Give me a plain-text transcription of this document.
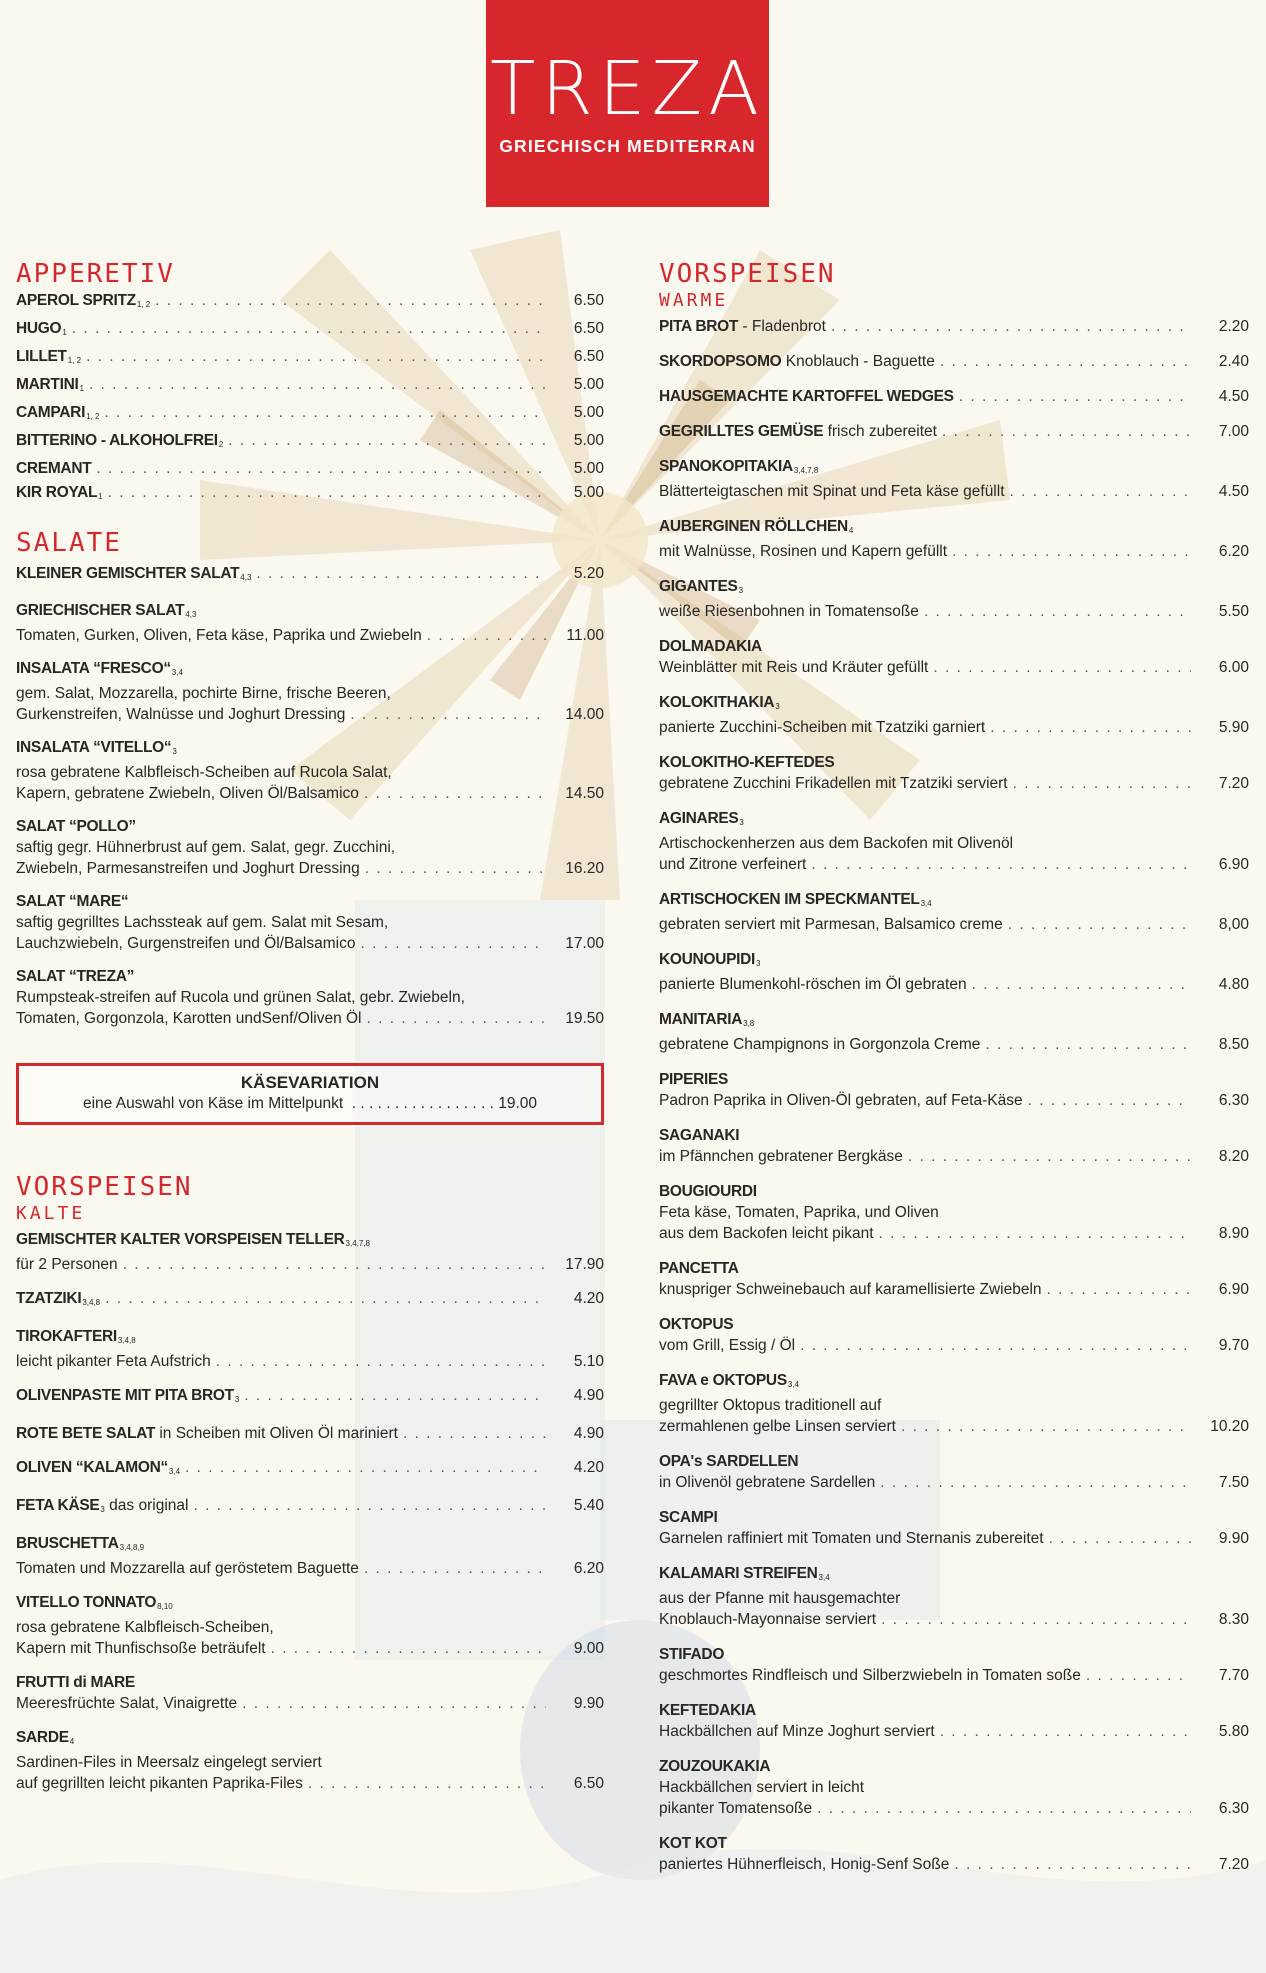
TREZA
GRIECHISCH MEDITERRAN
APPERETIV
APEROL $SPRITZ_{1, 2}$ . . .	6.50
$HUGO_1$ . . .	6.50
$LILLET_{1, 2}$ . . .	6.50
$MARTINI_1$ . . .	5.00
$CAMPARI_{1, 2}$ . . .	5.00
BITTERINO - $ALKOHOLFREI_2$ . . .	5.00
CREMANT . . .	5.00
KIR $ROYAL_1$ . . .	5.00
SALATE
KLEINER GEMISCHTER $SALAT_{4,3}$ . . .	5.20
GRIECHISCHER $SALAT_{4,3}$
Tomaten, Gurken, Oliven, Feta käse, Paprika und Zwiebeln . . .	11.00
INSALATA “$FRESCO“_{3,4}$
gem. Salat, Mozzarella, pochirte Birne, frische Beeren,
Gurkenstreifen, Walnüsse und Joghurt Dressing . . .	14.00
INSALATA “$VITELLO“_3$
rosa gebratene Kalbfleisch-Scheiben auf Rucola Salat,
Kapern, gebratene Zwiebeln, Oliven Öl/Balsamico . . .	14.50
SALAT “POLLO”
saftig gegr. Hühnerbrust auf gem. Salat, gegr. Zucchini,
Zwiebeln, Parmesanstreifen und Joghurt Dressing . . .	16.20
SALAT “MARE“
saftig gegrilltes Lachssteak auf gem. Salat mit Sesam,
Lauchzwiebeln, Gurgenstreifen und Öl/Balsamico . . .	17.00
SALAT “TREZA”
Rumpsteak-streifen auf Rucola und grünen Salat, gebr. Zwiebeln,
Tomaten, Gorgonzola, Karotten undSenf/Oliven Öl . . .	19.50
KÄSEVARIATION
eine Auswahl von Käse im Mittelpunkt  . . . . . . . . . . . . . . . . . 19.00
VORSPEISEN
KALTE
GEMISCHTER KALTER VORSPEISEN $TELLER_{3,4,7,8}$
für 2 Personen . . .	17.90
$TZATZIKI_{3,4,8}$ . . .	4.20
$TIROKAFTERI_{3,4,8}$
leicht pikanter Feta Aufstrich . . .	5.10
OLIVENPASTE MIT PITA $BROT_3$ . . .	4.90
ROTE BETE SALAT in Scheiben mit Oliven Öl mariniert . . .	4.90
OLIVEN “$KALAMON“_{3,4}$ . . .	4.20
FETA $KÄSE_3$ das original . . .	5.40
$BRUSCHETTA_{3,4,8,9}$
Tomaten und Mozzarella auf geröstetem Baguette . . .	6.20
VITELLO $TONNATO_{8,10}$
rosa gebratene Kalbfleisch-Scheiben,
Kapern mit Thunfischsoße beträufelt . . .	9.00
FRUTTI di MARE
Meeresfrüchte Salat, Vinaigrette . . .	9.90
$SARDE_4$
Sardinen-Files in Meersalz eingelegt serviert
auf gegrillten leicht pikanten Paprika-Files . . .	6.50
VORSPEISEN
WARME
PITA BROT - Fladenbrot . . .	2.20
SKORDOPSOMO Knoblauch - Baguette . . .	2.40
HAUSGEMACHTE KARTOFFEL WEDGES . . .	4.50
GEGRILLTES GEMÜSE frisch zubereitet . . .	7.00
$SPANOKOPITAKIA_{3,4,7,8}$
Blätterteigtaschen mit Spinat und Feta käse gefüllt . . .	4.50
AUBERGINEN $RÖLLCHEN_4$
mit Walnüsse, Rosinen und Kapern gefüllt . . .	6.20
$GIGANTES_3$
weiße Riesenbohnen in Tomatensoße . . .	5.50
DOLMADAKIA
Weinblätter mit Reis und Kräuter gefüllt . . .	6.00
$KOLOKITHAKIA_3$
panierte Zucchini-Scheiben mit Tzatziki garniert . . .	5.90
KOLOKITHO-KEFTEDES
gebratene Zucchini Frikadellen mit Tzatziki serviert . . .	7.20
$AGINARES_3$
Artischockenherzen aus dem Backofen mit Olivenöl
und Zitrone verfeinert . . .	6.90
ARTISCHOCKEN IM $SPECKMANTEL_{3,4}$
gebraten serviert mit Parmesan, Balsamico creme . . .	8,00
$KOUNOUPIDI_3$
panierte Blumenkohl-röschen im Öl gebraten . . .	4.80
$MANITARIA_{3,8}$
gebratene Champignons in Gorgonzola Creme . . .	8.50
PIPERIES
Padron Paprika in Oliven-Öl gebraten, auf Feta-Käse . . .	6.30
SAGANAKI
im Pfännchen gebratener Bergkäse . . .	8.20
BOUGIOURDI
Feta käse, Tomaten, Paprika, und Oliven
aus dem Backofen leicht pikant . . .	8.90
PANCETTA
knuspriger Schweinebauch auf karamellisierte Zwiebeln . . .	6.90
OKTOPUS
vom Grill, Essig / Öl . . .	9.70
FAVA e $OKTOPUS_{3,4}$
gegrillter Oktopus traditionell auf
zermahlenen gelbe Linsen serviert . . .	10.20
OPA's SARDELLEN
in Olivenöl gebratene Sardellen . . .	7.50
SCAMPI
Garnelen raffiniert mit Tomaten und Sternanis zubereitet . . .	9.90
KALAMARI $STREIFEN_{3,4}$
aus der Pfanne mit hausgemachter
Knoblauch-Mayonnaise serviert . . .	8.30
STIFADO
geschmortes Rindfleisch und Silberzwiebeln in Tomaten soße . . .	7.70
KEFTEDAKIA
Hackbällchen auf Minze Joghurt serviert . . .	5.80
ZOUZOUKAKIA
Hackbällchen serviert in leicht
pikanter Tomatensoße . . .	6.30
KOT KOT
paniertes Hühnerfleisch, Honig-Senf Soße . . .	7.20
